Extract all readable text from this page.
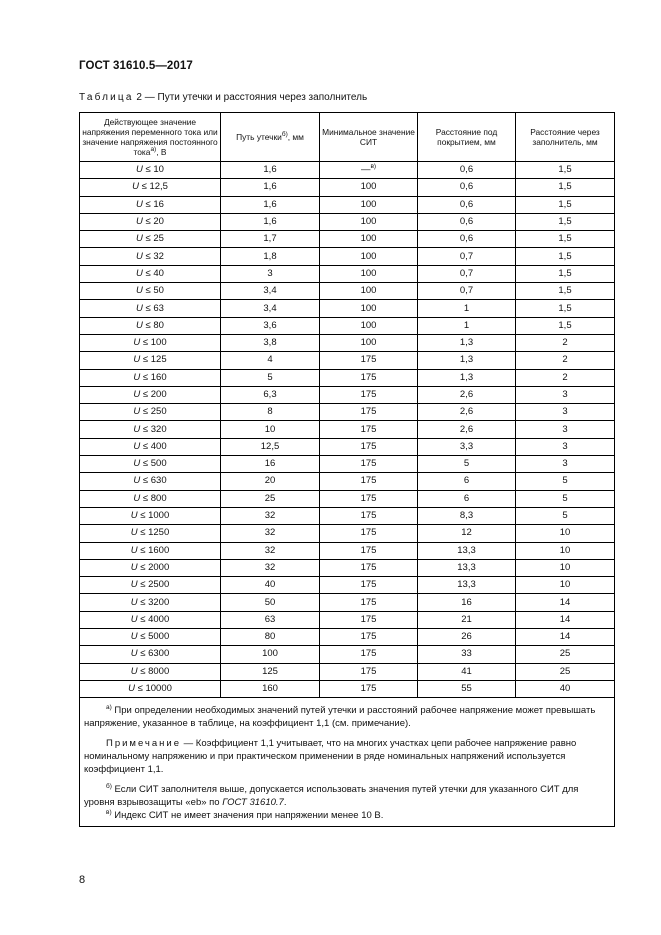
ГОСТ 31610.5—2017
Таблица 2 — Пути утечки и расстояния через заполнитель
Действующее значение напряжения переменного тока или значение напряжения постоянного тока$^{а)}$, В	Путь утечки$^{б)}$, мм	Минимальное значение СИТ	Расстояние под покрытием, мм	Расстояние через заполнитель, мм
U ≤ 10	1,6	—$^{в)}$	0,6	1,5
U ≤ 12,5	1,6	100	0,6	1,5
U ≤ 16	1,6	100	0,6	1,5
U ≤ 20	1,6	100	0,6	1,5
U ≤ 25	1,7	100	0,6	1,5
U ≤ 32	1,8	100	0,7	1,5
U ≤ 40	3	100	0,7	1,5
U ≤ 50	3,4	100	0,7	1,5
U ≤ 63	3,4	100	1	1,5
U ≤ 80	3,6	100	1	1,5
U ≤ 100	3,8	100	1,3	2
U ≤ 125	4	175	1,3	2
U ≤ 160	5	175	1,3	2
U ≤ 200	6,3	175	2,6	3
U ≤ 250	8	175	2,6	3
U ≤ 320	10	175	2,6	3
U ≤ 400	12,5	175	3,3	3
U ≤ 500	16	175	5	3
U ≤ 630	20	175	6	5
U ≤ 800	25	175	6	5
U ≤ 1000	32	175	8,3	5
U ≤ 1250	32	175	12	10
U ≤ 1600	32	175	13,3	10
U ≤ 2000	32	175	13,3	10
U ≤ 2500	40	175	13,3	10
U ≤ 3200	50	175	16	14
U ≤ 4000	63	175	21	14
U ≤ 5000	80	175	26	14
U ≤ 6300	100	175	33	25
U ≤ 8000	125	175	41	25
U ≤ 10000	160	175	55	40

$^{а)}$ При определении необходимых значений путей утечки и расстояний рабочее напряжение может превышать напряжение, указанное в таблице, на коэффициент 1,1 (см. примечание).

Примечание — Коэффициент 1,1 учитывает, что на многих участках цепи рабочее напряжение равно номинальному напряжению и при практическом применении в ряде номинальных напряжений используется коэффициент 1,1.

$^{б)}$ Если СИТ заполнителя выше, допускается использовать значения путей утечки для указанного СИТ для уровня взрывозащиты «eb» по ГОСТ 31610.7.

$^{в)}$ Индекс СИТ не имеет значения при напряжении менее 10 В.				

8
